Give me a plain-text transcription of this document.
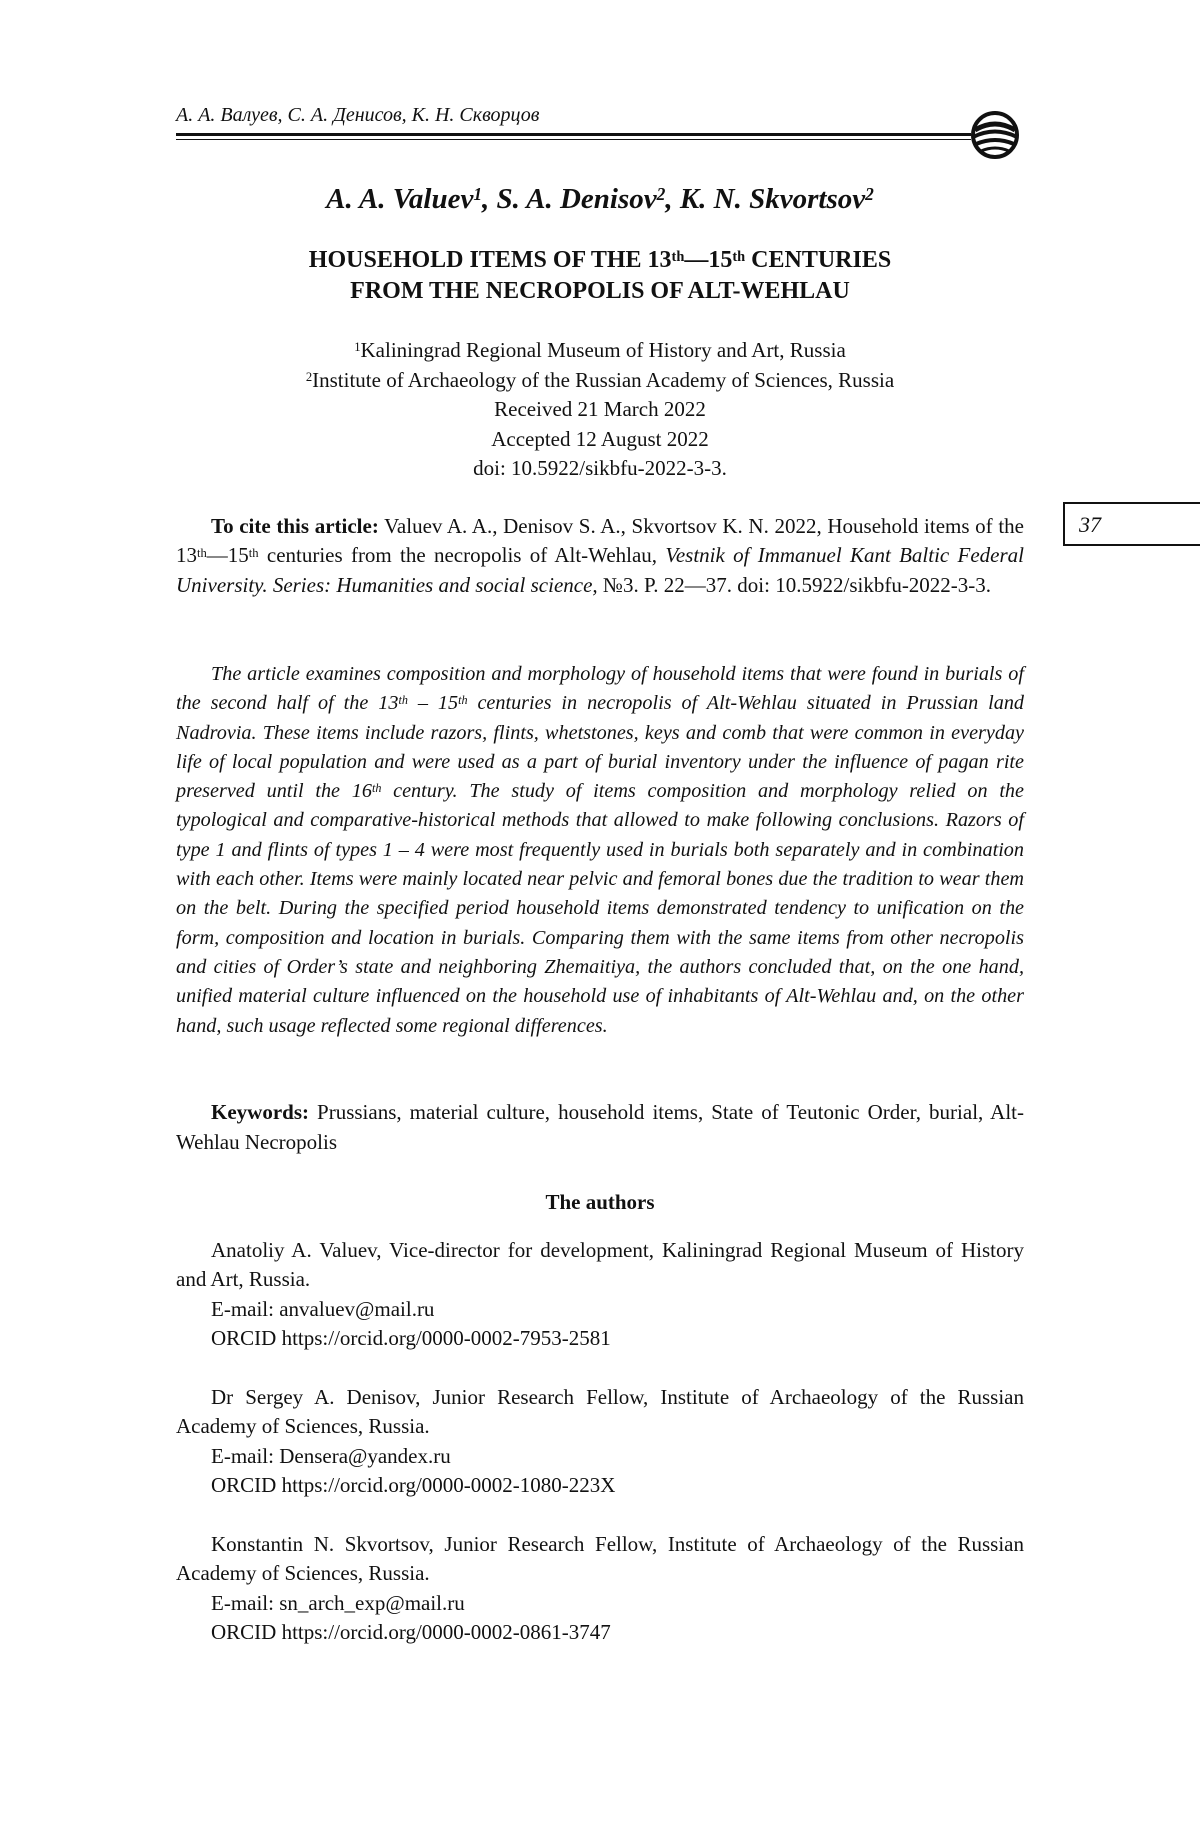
А. А. Валуев, С. А. Денисов, К. Н. Скворцов
A. A. Valuev$^1$, S. A. Denisov$^2$, K. N. Skvortsov$^2$
HOUSEHOLD ITEMS OF THE 13th—15th CENTURIES
FROM THE NECROPOLIS OF ALT-WEHLAU
$^1$Kaliningrad Regional Museum of History and Art, Russia
$^2$Institute of Archaeology of the Russian Academy of Sciences, Russia
Received 21 March 2022
Accepted 12 August 2022
doi: 10.5922/sikbfu-2022-3-3.
37
To cite this article: Valuev A. A., Denisov S. A., Skvortsov K. N. 2022, Household items of the 13th—15th centuries from the necropolis of Alt-Wehlau, Vestnik of Immanuel Kant Baltic Federal University. Series: Humanities and social science, №3. P. 22—37. doi: 10.5922/sikbfu-2022-3-3.
The article examines composition and morphology of household items that were found in burials of the second half of the 13th – 15th centuries in necropolis of Alt-Wehlau situated in Prussian land Nadrovia. These items include razors, flints, whetstones, keys and comb that were common in everyday life of local population and were used as a part of burial inventory under the influence of pagan rite preserved until the 16th century. The study of items composition and morphology relied on the typological and comparative-historical methods that allowed to make following conclusions. Razors of type 1 and flints of types 1 – 4 were most frequently used in burials both separately and in combination with each other. Items were mainly located near pelvic and femoral bones due the tradition to wear them on the belt. During the specified period household items demonstrated tendency to unification on the form, composition and location in burials. Comparing them with the same items from other necropolis and cities of Order’s state and neighboring Zhemaitiya, the authors concluded that, on the one hand, unified material culture influenced on the household use of inhabitants of Alt-Wehlau and, on the other hand, such usage reflected some regional differences.
Keywords: Prussians, material culture, household items, State of Teutonic Order, burial, Alt-Wehlau Necropolis
The authors
Anatoliy A. Valuev, Vice-director for development, Kaliningrad Regional Museum of History and Art, Russia.
E-mail: anvaluev@mail.ru
ORCID https://orcid.org/0000-0002-7953-2581
Dr Sergey A. Denisov, Junior Research Fellow, Institute of Archaeology of the Russian Academy of Sciences, Russia.
E-mail: Densera@yandex.ru
ORCID https://orcid.org/0000-0002-1080-223X
Konstantin N. Skvortsov, Junior Research Fellow, Institute of Archaeology of the Russian Academy of Sciences, Russia.
E-mail: sn_arch_exp@mail.ru
ORCID https://orcid.org/0000-0002-0861-3747
